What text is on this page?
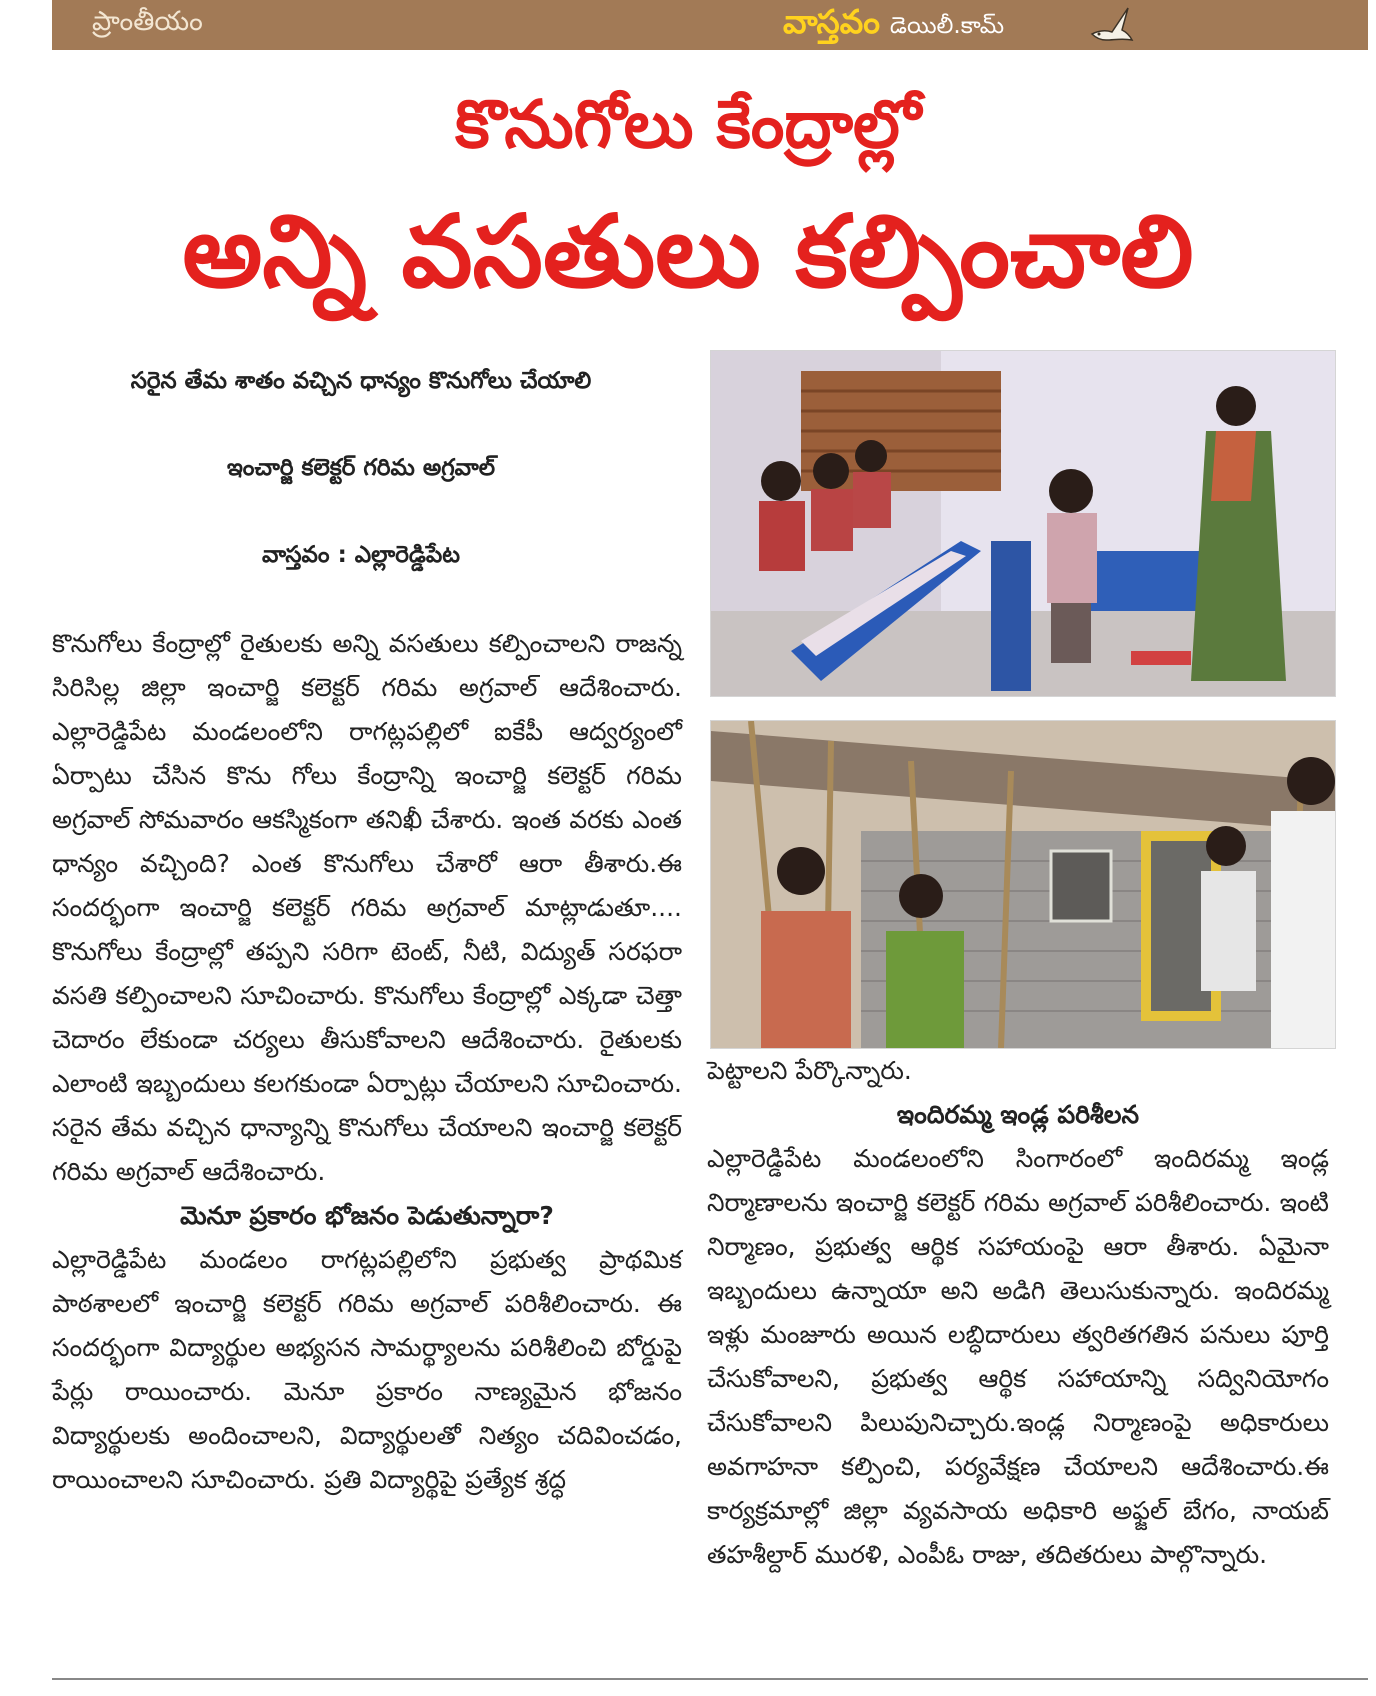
ప్రాంతీయం	వాస్తవం డెయిలీ.కామ్
కొనుగోలు కేంద్రాల్లో
అన్ని వసతులు కల్పించాలి
సరైన తేమ శాతం వచ్చిన ధాన్యం కొనుగోలు చేయాలి
ఇంచార్జి కలెక్టర్ గరిమ అగ్రవాల్
వాస్తవం : ఎల్లారెడ్డిపేట

కొనుగోలు కేంద్రాల్లో రైతులకు అన్ని వసతులు కల్పించాలని రాజన్న సిరిసిల్ల జిల్లా ఇంచార్జి కలెక్టర్ గరిమ అగ్రవాల్ ఆదేశించారు. ఎల్లారెడ్డిపేట మండలంలోని రాగట్లపల్లిలో ఐకేపీ ఆద్వర్యంలో ఏర్పాటు చేసిన కొను గోలు కేంద్రాన్ని ఇంచార్జి కలెక్టర్ గరిమ అగ్రవాల్ సోమవారం ఆకస్మికంగా తనిఖీ చేశారు. ఇంత వరకు ఎంత ధాన్యం వచ్చింది? ఎంత కొనుగోలు చేశారో ఆరా తీశారు.ఈ సందర్భంగా ఇంచార్జి కలెక్టర్ గరిమ అగ్రవాల్ మాట్లాడుతూ.... కొనుగోలు కేంద్రాల్లో తప్పని సరిగా టెంట్, నీటి, విద్యుత్ సరఫరా వసతి కల్పించాలని సూచించారు. కొనుగోలు కేంద్రాల్లో ఎక్కడా చెత్తా చెదారం లేకుండా చర్యలు తీసుకోవాలని ఆదేశించారు. రైతులకు ఎలాంటి ఇబ్బందులు కలగకుండా ఏర్పాట్లు చేయాలని సూచించారు. సరైన తేమ వచ్చిన ధాన్యాన్ని కొనుగోలు చేయాలని ఇంచార్జి కలెక్టర్ గరిమ అగ్రవాల్ ఆదేశించారు.

మెనూ ప్రకారం భోజనం పెడుతున్నారా?

ఎల్లారెడ్డిపేట మండలం రాగట్లపల్లిలోని ప్రభుత్వ ప్రాథమిక పాఠశాలలో ఇంచార్జి కలెక్టర్ గరిమ అగ్రవాల్ పరిశీలించారు. ఈ సందర్భంగా విద్యార్థుల అభ్యసన సామర్థ్యాలను పరిశీలించి బోర్డుపై పేర్లు రాయించారు. మెనూ ప్రకారం నాణ్యమైన భోజనం విద్యార్థులకు అందించాలని, విద్యార్థులతో నిత్యం చదివించడం, రాయించాలని సూచించారు. ప్రతి విద్యార్థిపై ప్రత్యేక శ్రద్ధ

పెట్టాలని పేర్కొన్నారు.

ఇందిరమ్మ ఇండ్ల పరిశీలన

ఎల్లారెడ్డిపేట మండలంలోని సింగారంలో ఇందిరమ్మ ఇండ్ల నిర్మాణాలను ఇంచార్జి కలెక్టర్ గరిమ అగ్రవాల్ పరిశీలించారు. ఇంటి నిర్మాణం, ప్రభుత్వ ఆర్థిక సహాయంపై ఆరా తీశారు. ఏమైనా ఇబ్బందులు ఉన్నాయా అని అడిగి తెలుసుకున్నారు. ఇందిరమ్మ ఇళ్లు మంజూరు అయిన లబ్ధిదారులు త్వరితగతిన పనులు పూర్తి చేసుకోవాలని, ప్రభుత్వ ఆర్థిక సహాయాన్ని సద్వినియోగం చేసుకోవాలని పిలుపునిచ్చారు.ఇండ్ల నిర్మాణంపై అధికారులు అవగాహనా కల్పించి, పర్యవేక్షణ చేయాలని ఆదేశించారు.ఈ కార్యక్రమాల్లో జిల్లా వ్యవసాయ అధికారి అఫ్జల్ బేగం, నాయబ్ తహశీల్దార్ మురళి, ఎంపీఓ రాజు, తదితరులు పాల్గొన్నారు.
